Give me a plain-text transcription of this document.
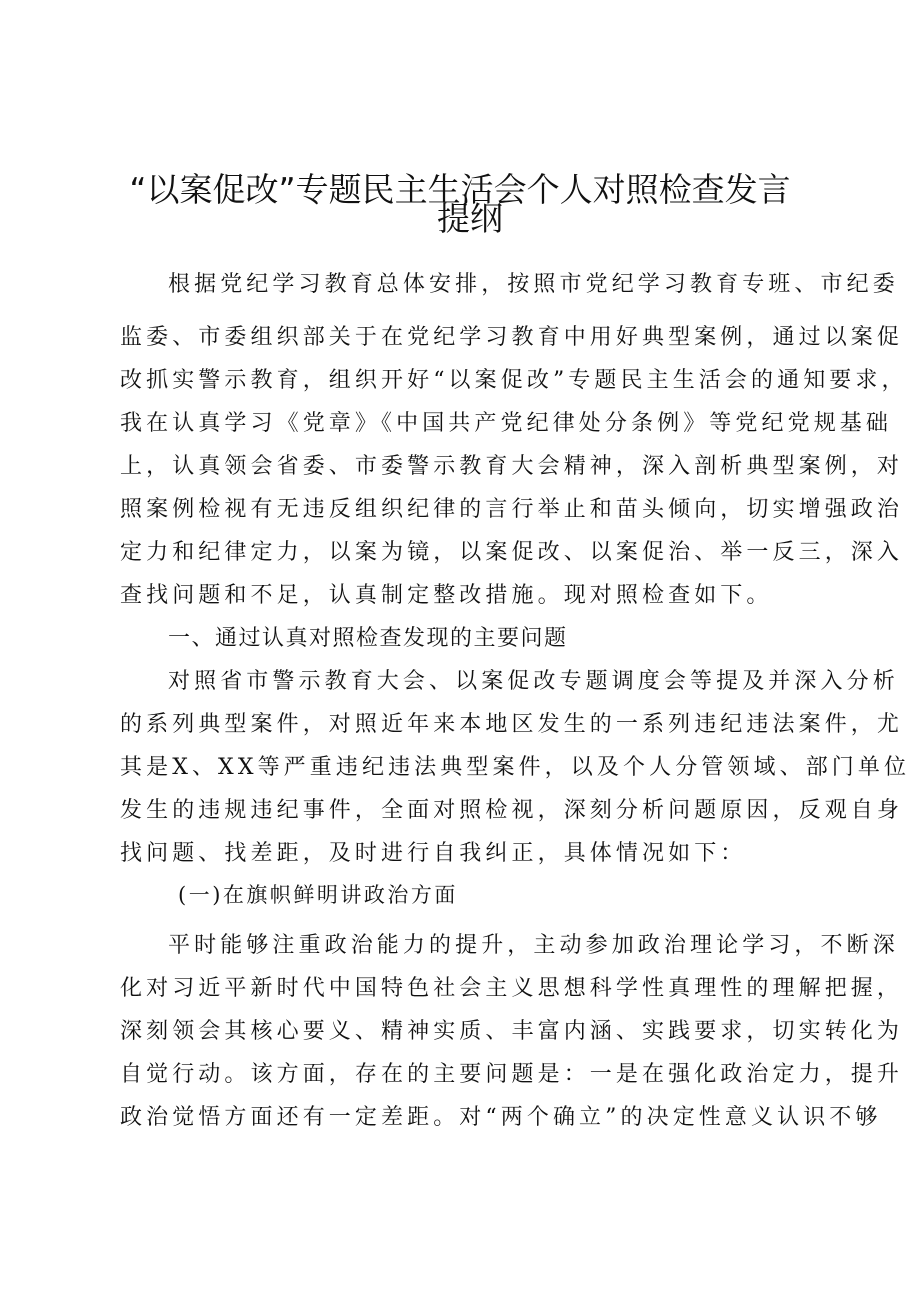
“以案促改”专题民主生活会个人对照检查发言
提纲
根据党纪学习教育总体安排，按照市党纪学习教育专班、市纪委
监委、市委组织部关于在党纪学习教育中用好典型案例，通过以案促
改抓实警示教育，组织开好“以案促改”专题民主生活会的通知要求，
我在认真学习《党章》《中国共产党纪律处分条例》等党纪党规基础
上，认真领会省委、市委警示教育大会精神，深入剖析典型案例，对
照案例检视有无违反组织纪律的言行举止和苗头倾向，切实增强政治
定力和纪律定力，以案为镜，以案促改、以案促治、举一反三，深入
查找问题和不足，认真制定整改措施。现对照检查如下。
一、通过认真对照检查发现的主要问题
对照省市警示教育大会、以案促改专题调度会等提及并深入分析
的系列典型案件，对照近年来本地区发生的一系列违纪违法案件，尤
其是X、XX等严重违纪违法典型案件，以及个人分管领域、部门单位
发生的违规违纪事件，全面对照检视，深刻分析问题原因，反观自身
找问题、找差距，及时进行自我纠正，具体情况如下：
(一)在旗帜鲜明讲政治方面
平时能够注重政治能力的提升，主动参加政治理论学习，不断深
化对习近平新时代中国特色社会主义思想科学性真理性的理解把握，
深刻领会其核心要义、精神实质、丰富内涵、实践要求，切实转化为
自觉行动。该方面，存在的主要问题是：一是在强化政治定力，提升
政治觉悟方面还有一定差距。对“两个确立”的决定性意义认识不够
